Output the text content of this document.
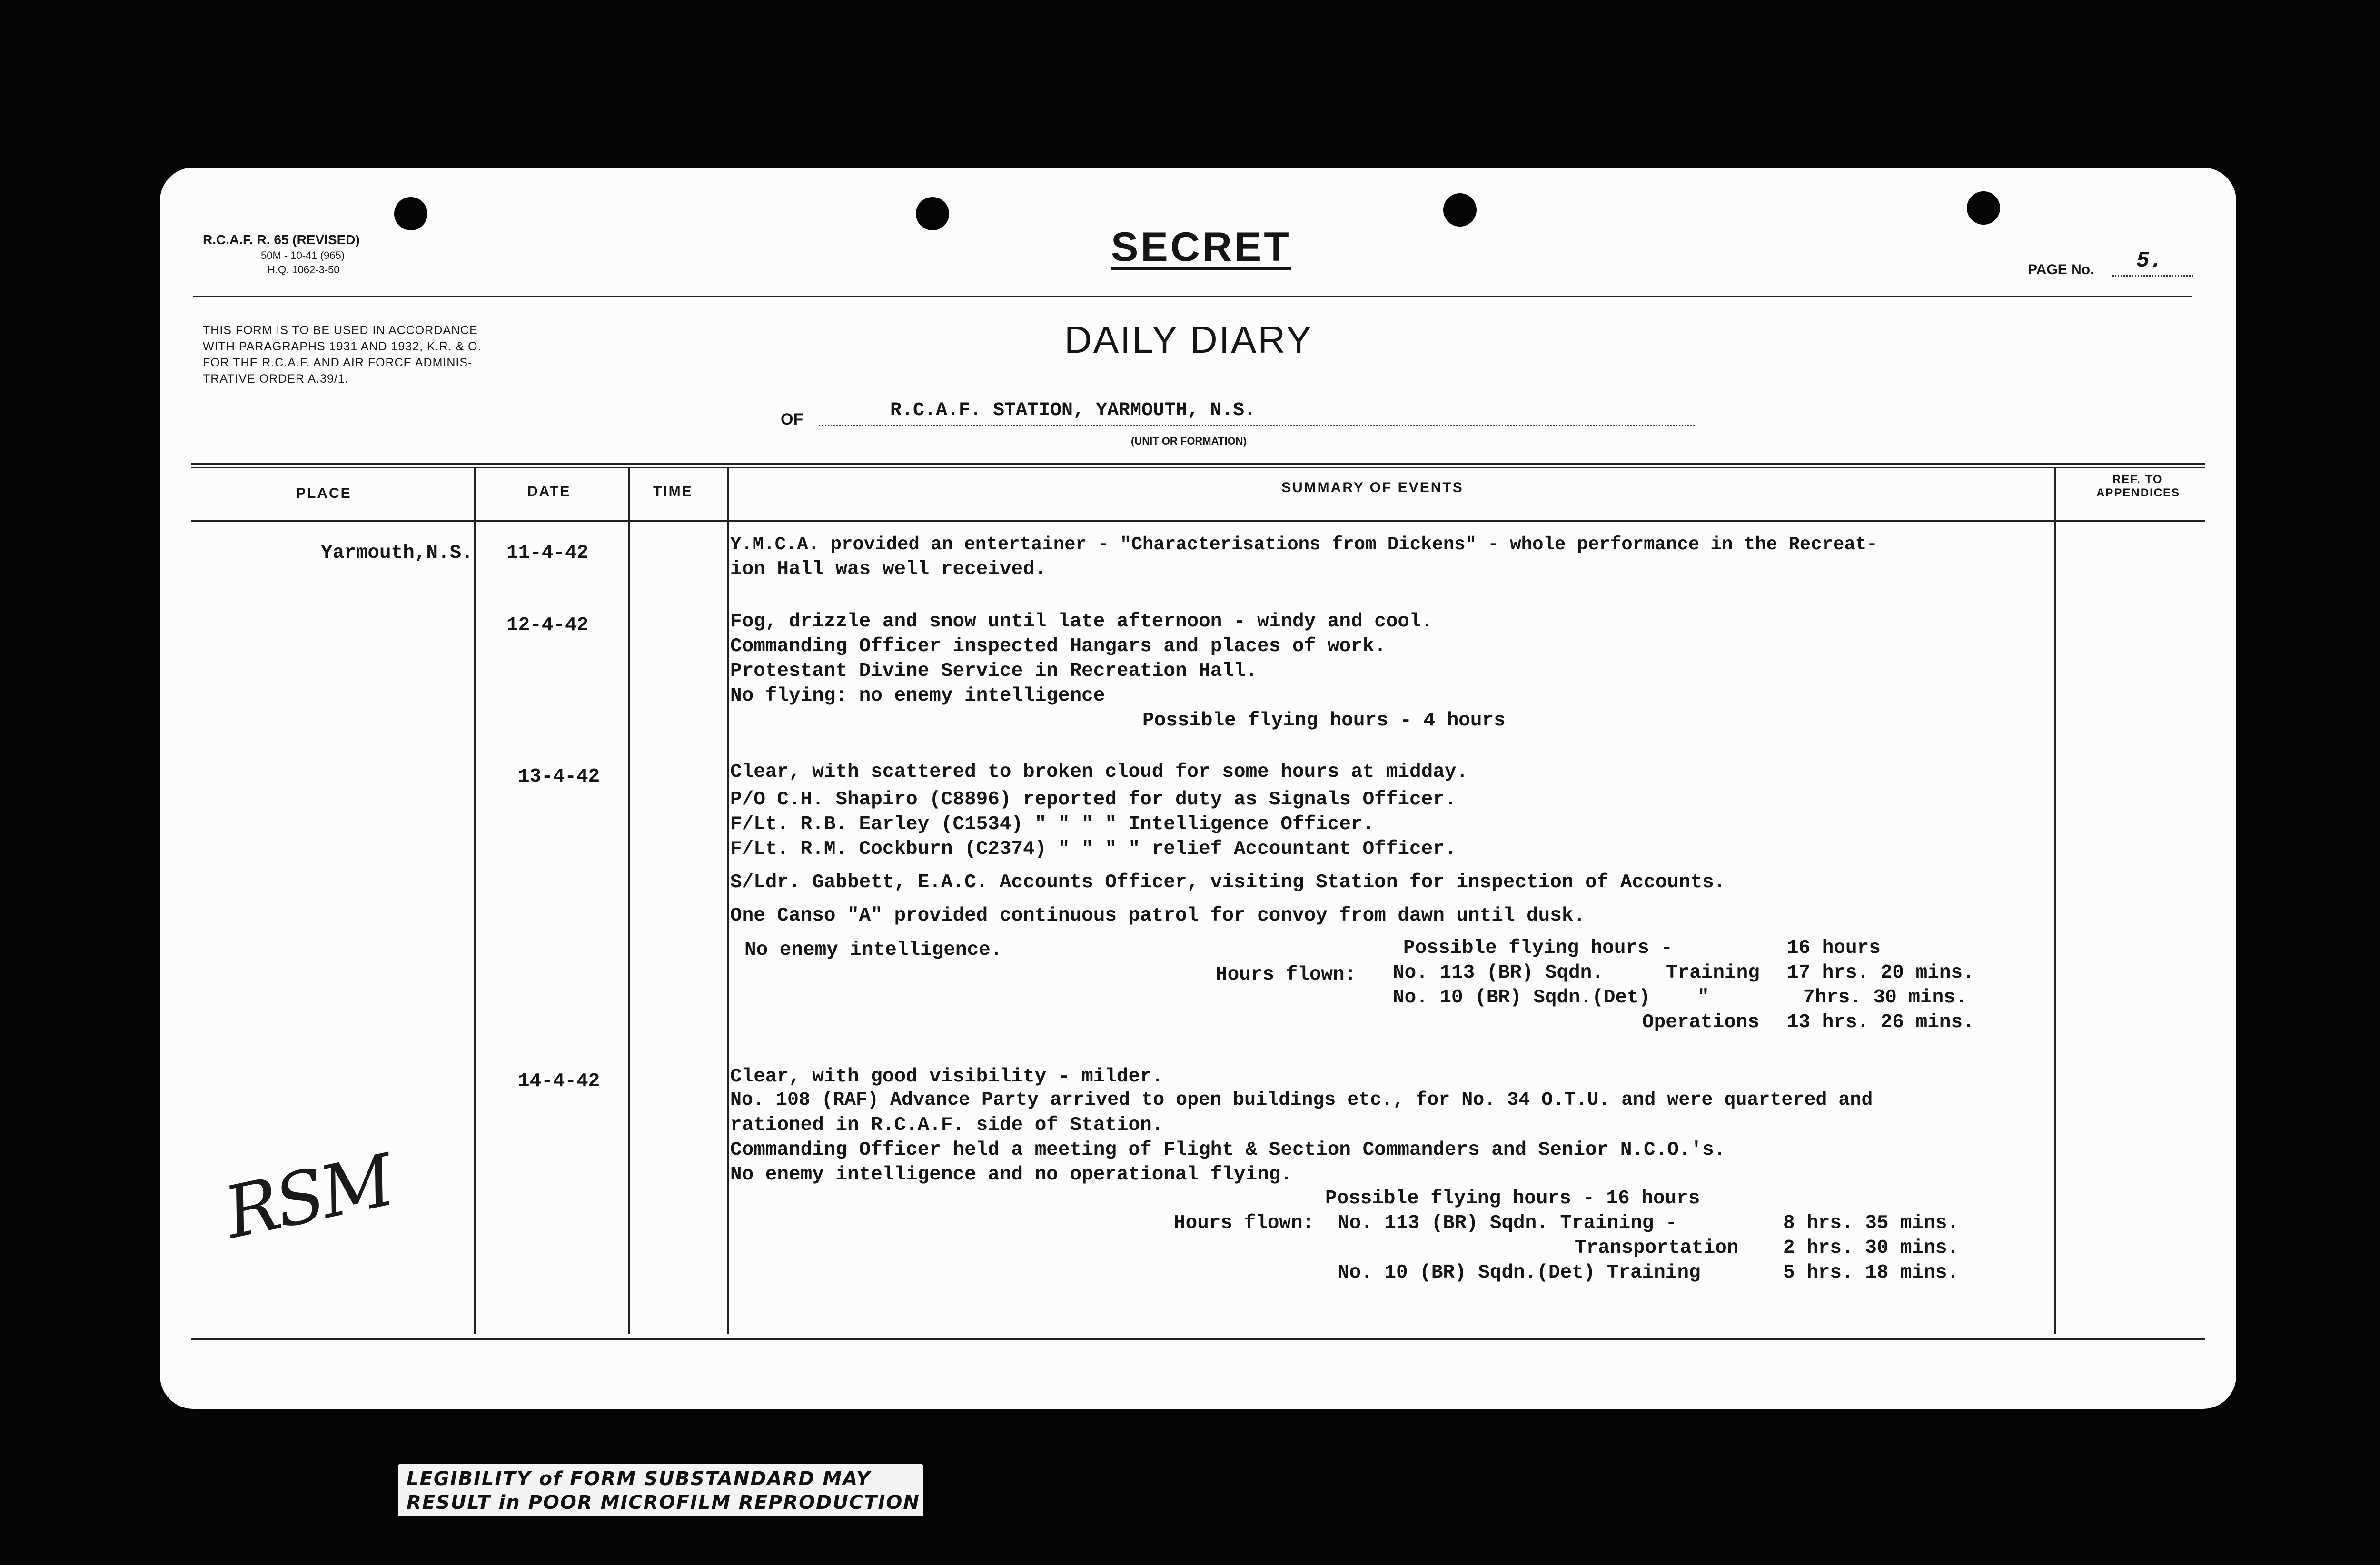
R.C.A.F. R. 65 (REVISED)
50M - 10-41 (965)
H.Q. 1062-3-50	SECRET	PAGE No. 5.
THIS FORM IS TO BE USED IN ACCORDANCE
WITH PARAGRAPHS 1931 AND 1932, K.R. & O.
FOR THE R.C.A.F. AND AIR FORCE ADMINIS-
TRATIVE ORDER A.39/1.
DAILY DIARY
OF	R.C.A.F. STATION, YARMOUTH, N.S.
(UNIT OR FORMATION)
PLACE	DATE	TIME	SUMMARY OF EVENTS
REF. TO
APPENDICES
Yarmouth,N.S. 11-4-42	Y.M.C.A. provided an entertainer - "Characterisations from Dickens" - whole performance in the Recreat-
ion Hall was well received.
12-4-42	Fog, drizzle and snow until late afternoon - windy and cool.
Commanding Officer inspected Hangars and places of work.
Protestant Divine Service in Recreation Hall.
No flying: no enemy intelligence
Possible flying hours - 4 hours
13-4-42	Clear, with scattered to broken cloud for some hours at midday.
P/O C.H. Shapiro (C8896) reported for duty as Signals Officer.
F/Lt. R.B. Earley (C1534) " " " " Intelligence Officer.
F/Lt. R.M. Cockburn (C2374) " " " " relief Accountant Officer.
S/Ldr. Gabbett, E.A.C. Accounts Officer, visiting Station for inspection of Accounts.
One Canso "A" provided continuous patrol for convoy from dawn until dusk.
No enemy intelligence.	Possible flying hours -	16 hours
Hours flown: No. 113 (BR) Sqdn.	Training 17 hrs. 20 mins.
No. 10 (BR) Sqdn.(Det) "	7hrs. 30 mins.
Operations 13 hrs. 26 mins.
14-4-42	Clear, with good visibility - milder.
No. 108 (RAF) Advance Party arrived to open buildings etc., for No. 34 O.T.U. and were quartered and
rationed in R.C.A.F. side of Station.
Commanding Officer held a meeting of Flight & Section Commanders and Senior N.C.O.'s.
No enemy intelligence and no operational flying.
Possible flying hours - 16 hours
Hours flown: No. 113 (BR) Sqdn. Training -	8 hrs. 35 mins.
Transportation 2 hrs. 30 mins.
No. 10 (BR) Sqdn.(Det) Training	5 hrs. 18 mins.
RSM
LEGIBILITY of FORM SUBSTANDARD MAY
RESULT in POOR MICROFILM REPRODUCTION
